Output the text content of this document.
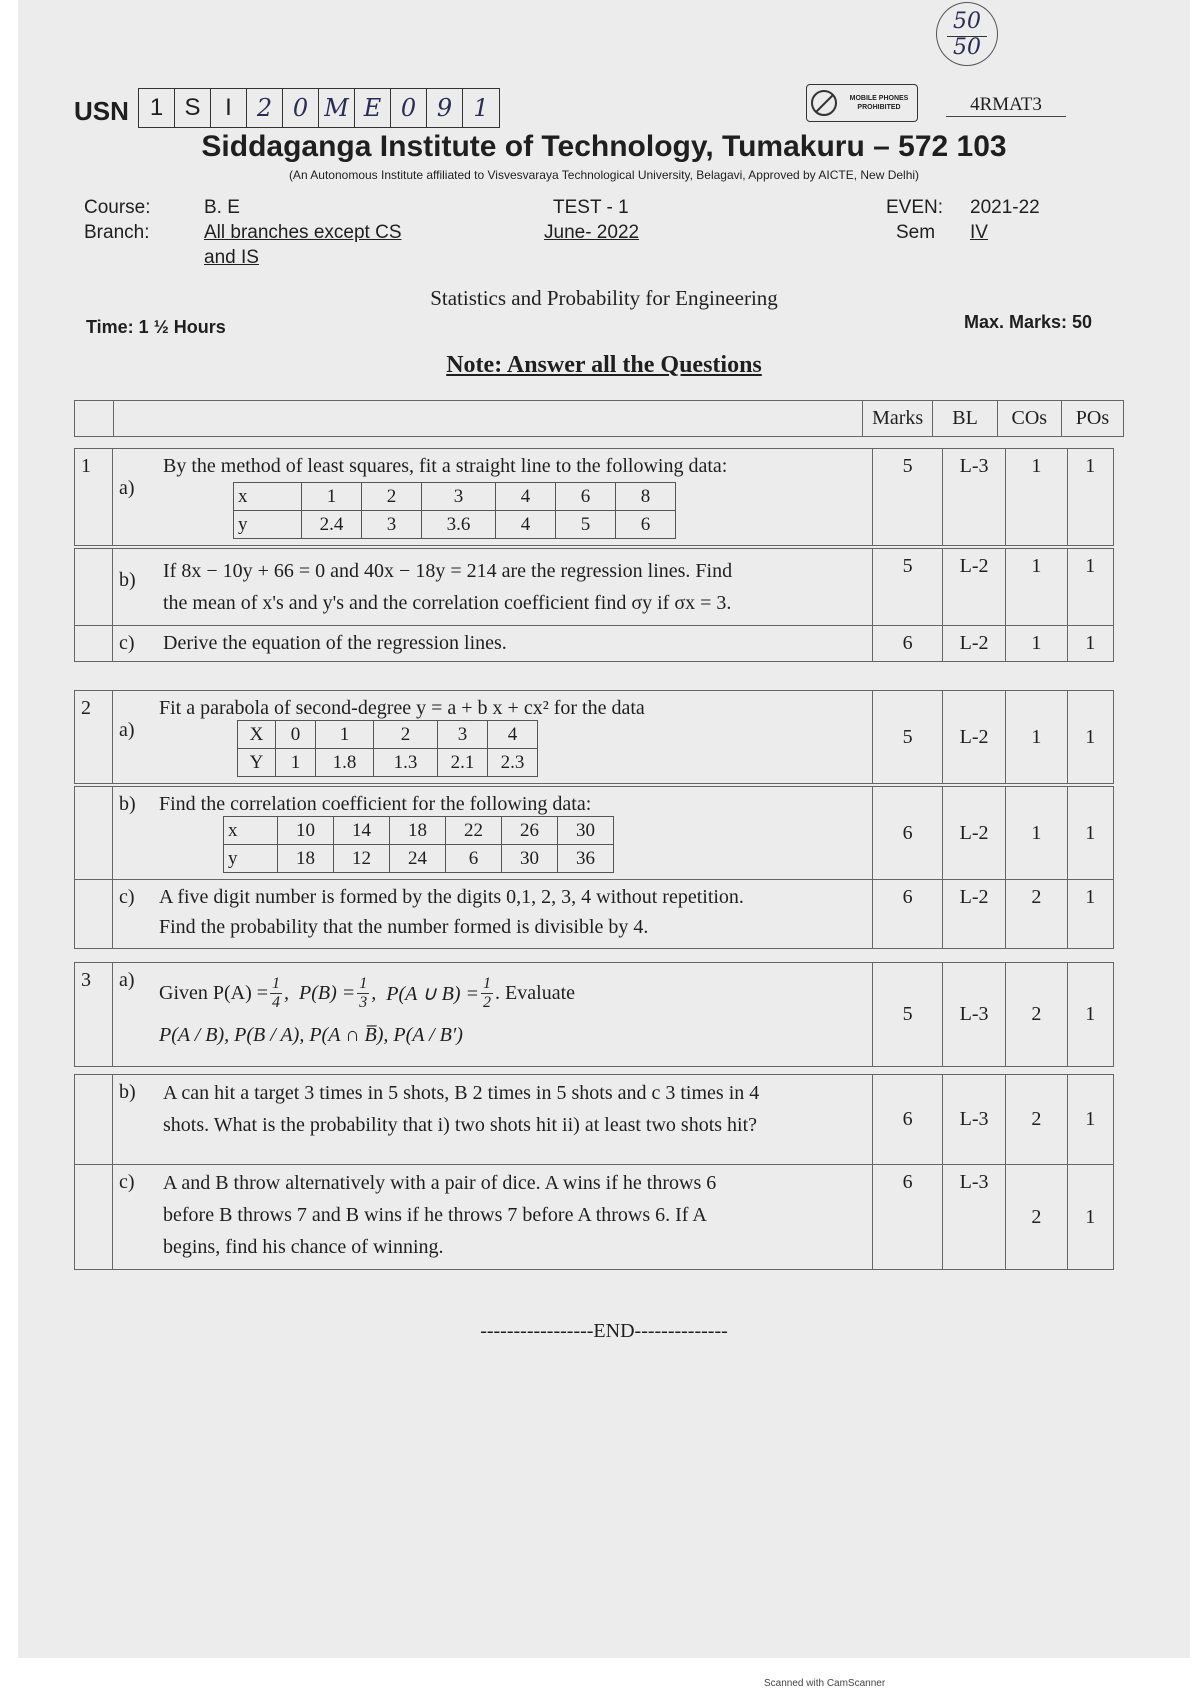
50
50
USN 1 S	I	2 0 M E 0 9 1	MOBILE PHONES PROHIBITED	4RMAT3
Siddaganga Institute of Technology, Tumakuru – 572 103
(An Autonomous Institute affiliated to Visvesvaraya Technological University, Belagavi, Approved by AICTE, New Delhi)
Course:	B. E
Branch:	All branches except CS
and IS
TEST - 1
June- 2022
EVEN: 2021-22
Sem IV
Statistics and Probability for Engineering
Time: 1 ½ Hours	Max. Marks: 50
Note: Answer all the Questions
		Marks	BL	COs	POs
1	
a)
By the method of least squares, fit a straight line to the following data:
x	1	2	3	4	6	8
y	2.4	3	3.6	4	5	6
	5	L-3	1	1

	b) If 8x − 10y + 66 = 0 and 40x − 18y = 214 are the regression lines. Find
the mean of x's and y's and the correlation coefficient find σy if σx = 3.	5	L-2	1	1

	c) Derive the equation of the regression lines.	6	L-2	1	1
2	
a)
Fit a parabola of second-degree y = a + b x + cx² for the data
X	0	1	2	3	4
Y	1	1.8	1.3	2.1	2.3
	5	L-2	1	1

b)	Find the correlation coefficient for the following data:
x	10	14	18	22	26	30
y	18	12	24	6	30	36
	6	L-2	1	1

c)	A five digit number is formed by the digits 0,1, 2, 3, 4 without repetition.
Find the probability that the number formed is divisible by 4.
	6	L-2	2	1
3	a)
Given $P(A) = \frac{1}{4}$ , $P(B) = \frac{1}{3}$ , P(A ∪ $B) = \frac{1}{2}$ . Evaluate
P(A / B), P(B / A), P(A ∩ B̅), P(A / B′)
	5	L-3	2	1

	b) A can hit a target 3 times in 5 shots, B 2 times in 5 shots and c 3 times in 4
shots. What is the probability that i) two shots hit ii) at least two shots hit?	6	L-3	2	1

	c) A and B throw alternatively with a pair of dice. A wins if he throws 6
before B throws 7 and B wins if he throws 7 before A throws 6. If A
begins, find his chance of winning.	6	L-3	2	1
-----------------END--------------
Scanned with CamScanner
